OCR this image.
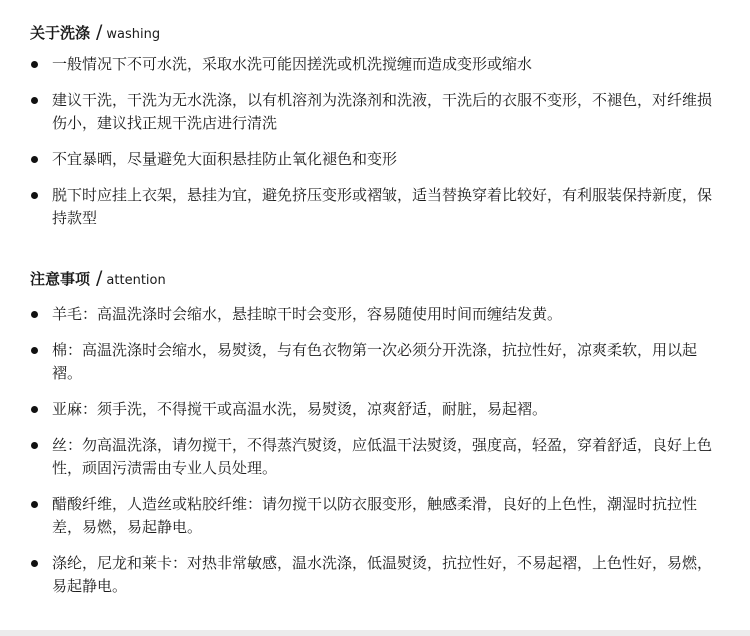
关于洗涤 / washing
一般情况下不可水洗，采取水洗可能因搓洗或机洗搅缠而造成变形或缩水
建议干洗，干洗为无水洗涤，以有机溶剂为洗涤剂和洗液，干洗后的衣服不变形，不褪色，对纤维损伤小，建议找正规干洗店进行清洗
不宜暴晒，尽量避免大面积悬挂防止氧化褪色和变形
脱下时应挂上衣架，悬挂为宜，避免挤压变形或褶皱，适当替换穿着比较好，有利服装保持新度，保持款型
注意事项 / attention
羊毛：高温洗涤时会缩水，悬挂晾干时会变形，容易随使用时间而缠结发黄。
棉：高温洗涤时会缩水，易熨烫，与有色衣物第一次必须分开洗涤，抗拉性好，凉爽柔软，用以起褶。
亚麻：须手洗，不得搅干或高温水洗，易熨烫，凉爽舒适，耐脏，易起褶。
丝：勿高温洗涤，请勿搅干，不得蒸汽熨烫，应低温干法熨烫，强度高，轻盈，穿着舒适，良好上色性，顽固污渍需由专业人员处理。
醋酸纤维，人造丝或粘胶纤维：请勿搅干以防衣服变形，触感柔滑，良好的上色性，潮湿时抗拉性差，易燃，易起静电。
涤纶，尼龙和莱卡：对热非常敏感，温水洗涤，低温熨烫，抗拉性好，不易起褶，上色性好，易燃，易起静电。
